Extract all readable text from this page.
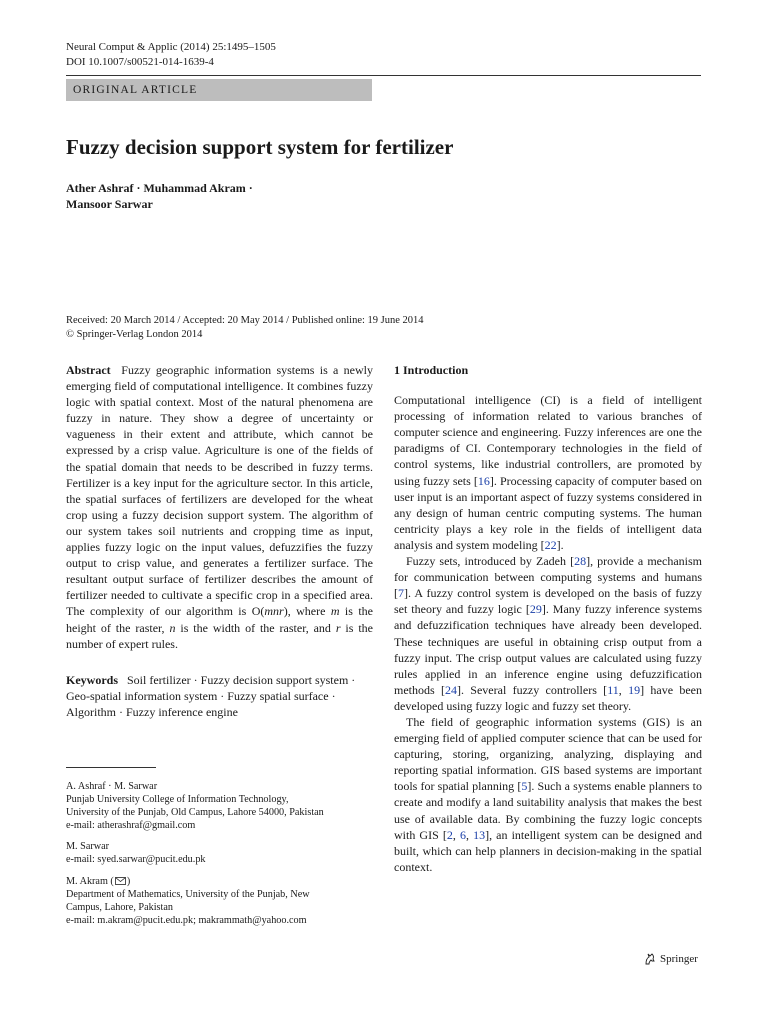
Neural Comput & Applic (2014) 25:1495–1505
DOI 10.1007/s00521-014-1639-4
ORIGINAL ARTICLE
Fuzzy decision support system for fertilizer
Ather Ashraf · Muhammad Akram ·
Mansoor Sarwar
Received: 20 March 2014 / Accepted: 20 May 2014 / Published online: 19 June 2014
© Springer-Verlag London 2014

Abstract Fuzzy geographic information systems is a newly emerging field of computational intelligence. It combines fuzzy logic with spatial context. Most of the natural phenomena are fuzzy in nature. They show a degree of uncertainty or vagueness in their extent and attribute, which cannot be expressed by a crisp value. Agriculture is one of the fields of the spatial domain that needs to be described in fuzzy terms. Fertilizer is a key input for the agriculture sector. In this article, the spatial surfaces of fertilizers are developed for the wheat crop using a fuzzy decision support system. The algorithm of our system takes soil nutrients and cropping time as input, applies fuzzy logic on the input values, defuzzifies the fuzzy output to crisp value, and generates a fertilizer surface. The resultant output surface of fertilizer describes the amount of fertilizer needed to cultivate a specific crop in a specified area. The complexity of our algorithm is O(mnr), where m is the height of the raster, n is the width of the raster, and r is the number of expert rules.

Keywords Soil fertilizer · Fuzzy decision support system · Geo-spatial information system · Fuzzy spatial surface · Algorithm · Fuzzy inference engine

A. Ashraf · M. Sarwar
Punjab University College of Information Technology,
University of the Punjab, Old Campus, Lahore 54000, Pakistan
e-mail: atherashraf@gmail.com
M. Sarwar
e-mail: syed.sarwar@pucit.edu.pk
M. Akram ( )
Department of Mathematics, University of the Punjab, New
Campus, Lahore, Pakistan
e-mail: m.akram@pucit.edu.pk; makrammath@yahoo.com
1 Introduction

Computational intelligence (CI) is a field of intelligent processing of information related to various branches of computer science and engineering. Fuzzy inferences are one the paradigms of CI. Contemporary technologies in the field of control systems, like industrial controllers, are promoted by using fuzzy sets [16]. Processing capacity of computer based on user input is an important aspect of fuzzy systems considered in any design of human centric computing systems. The human centricity plays a key role in the fields of intelligent data analysis and system modeling [22].

Fuzzy sets, introduced by Zadeh [28], provide a mechanism for communication between computing systems and humans [7]. A fuzzy control system is developed on the basis of fuzzy set theory and fuzzy logic [29]. Many fuzzy inference systems and defuzzification techniques have already been developed. These techniques are useful in obtaining crisp output from a fuzzy input. The crisp output values are calculated using fuzzy rules applied in an inference engine using defuzzification methods [24]. Several fuzzy controllers [11, 19] have been developed using fuzzy logic and fuzzy set theory.

The field of geographic information systems (GIS) is an emerging field of applied computer science that can be used for capturing, storing, organizing, analyzing, displaying and reporting spatial information. GIS based systems are important tools for spatial planning [5]. Such a systems enable planners to create and modify a land suitability analysis that makes the best use of available data. By combining the fuzzy logic concepts with GIS [2, 6, 13], an intelligent system can be designed and built, which can help planners in decision-making in the spatial context.

Springer
